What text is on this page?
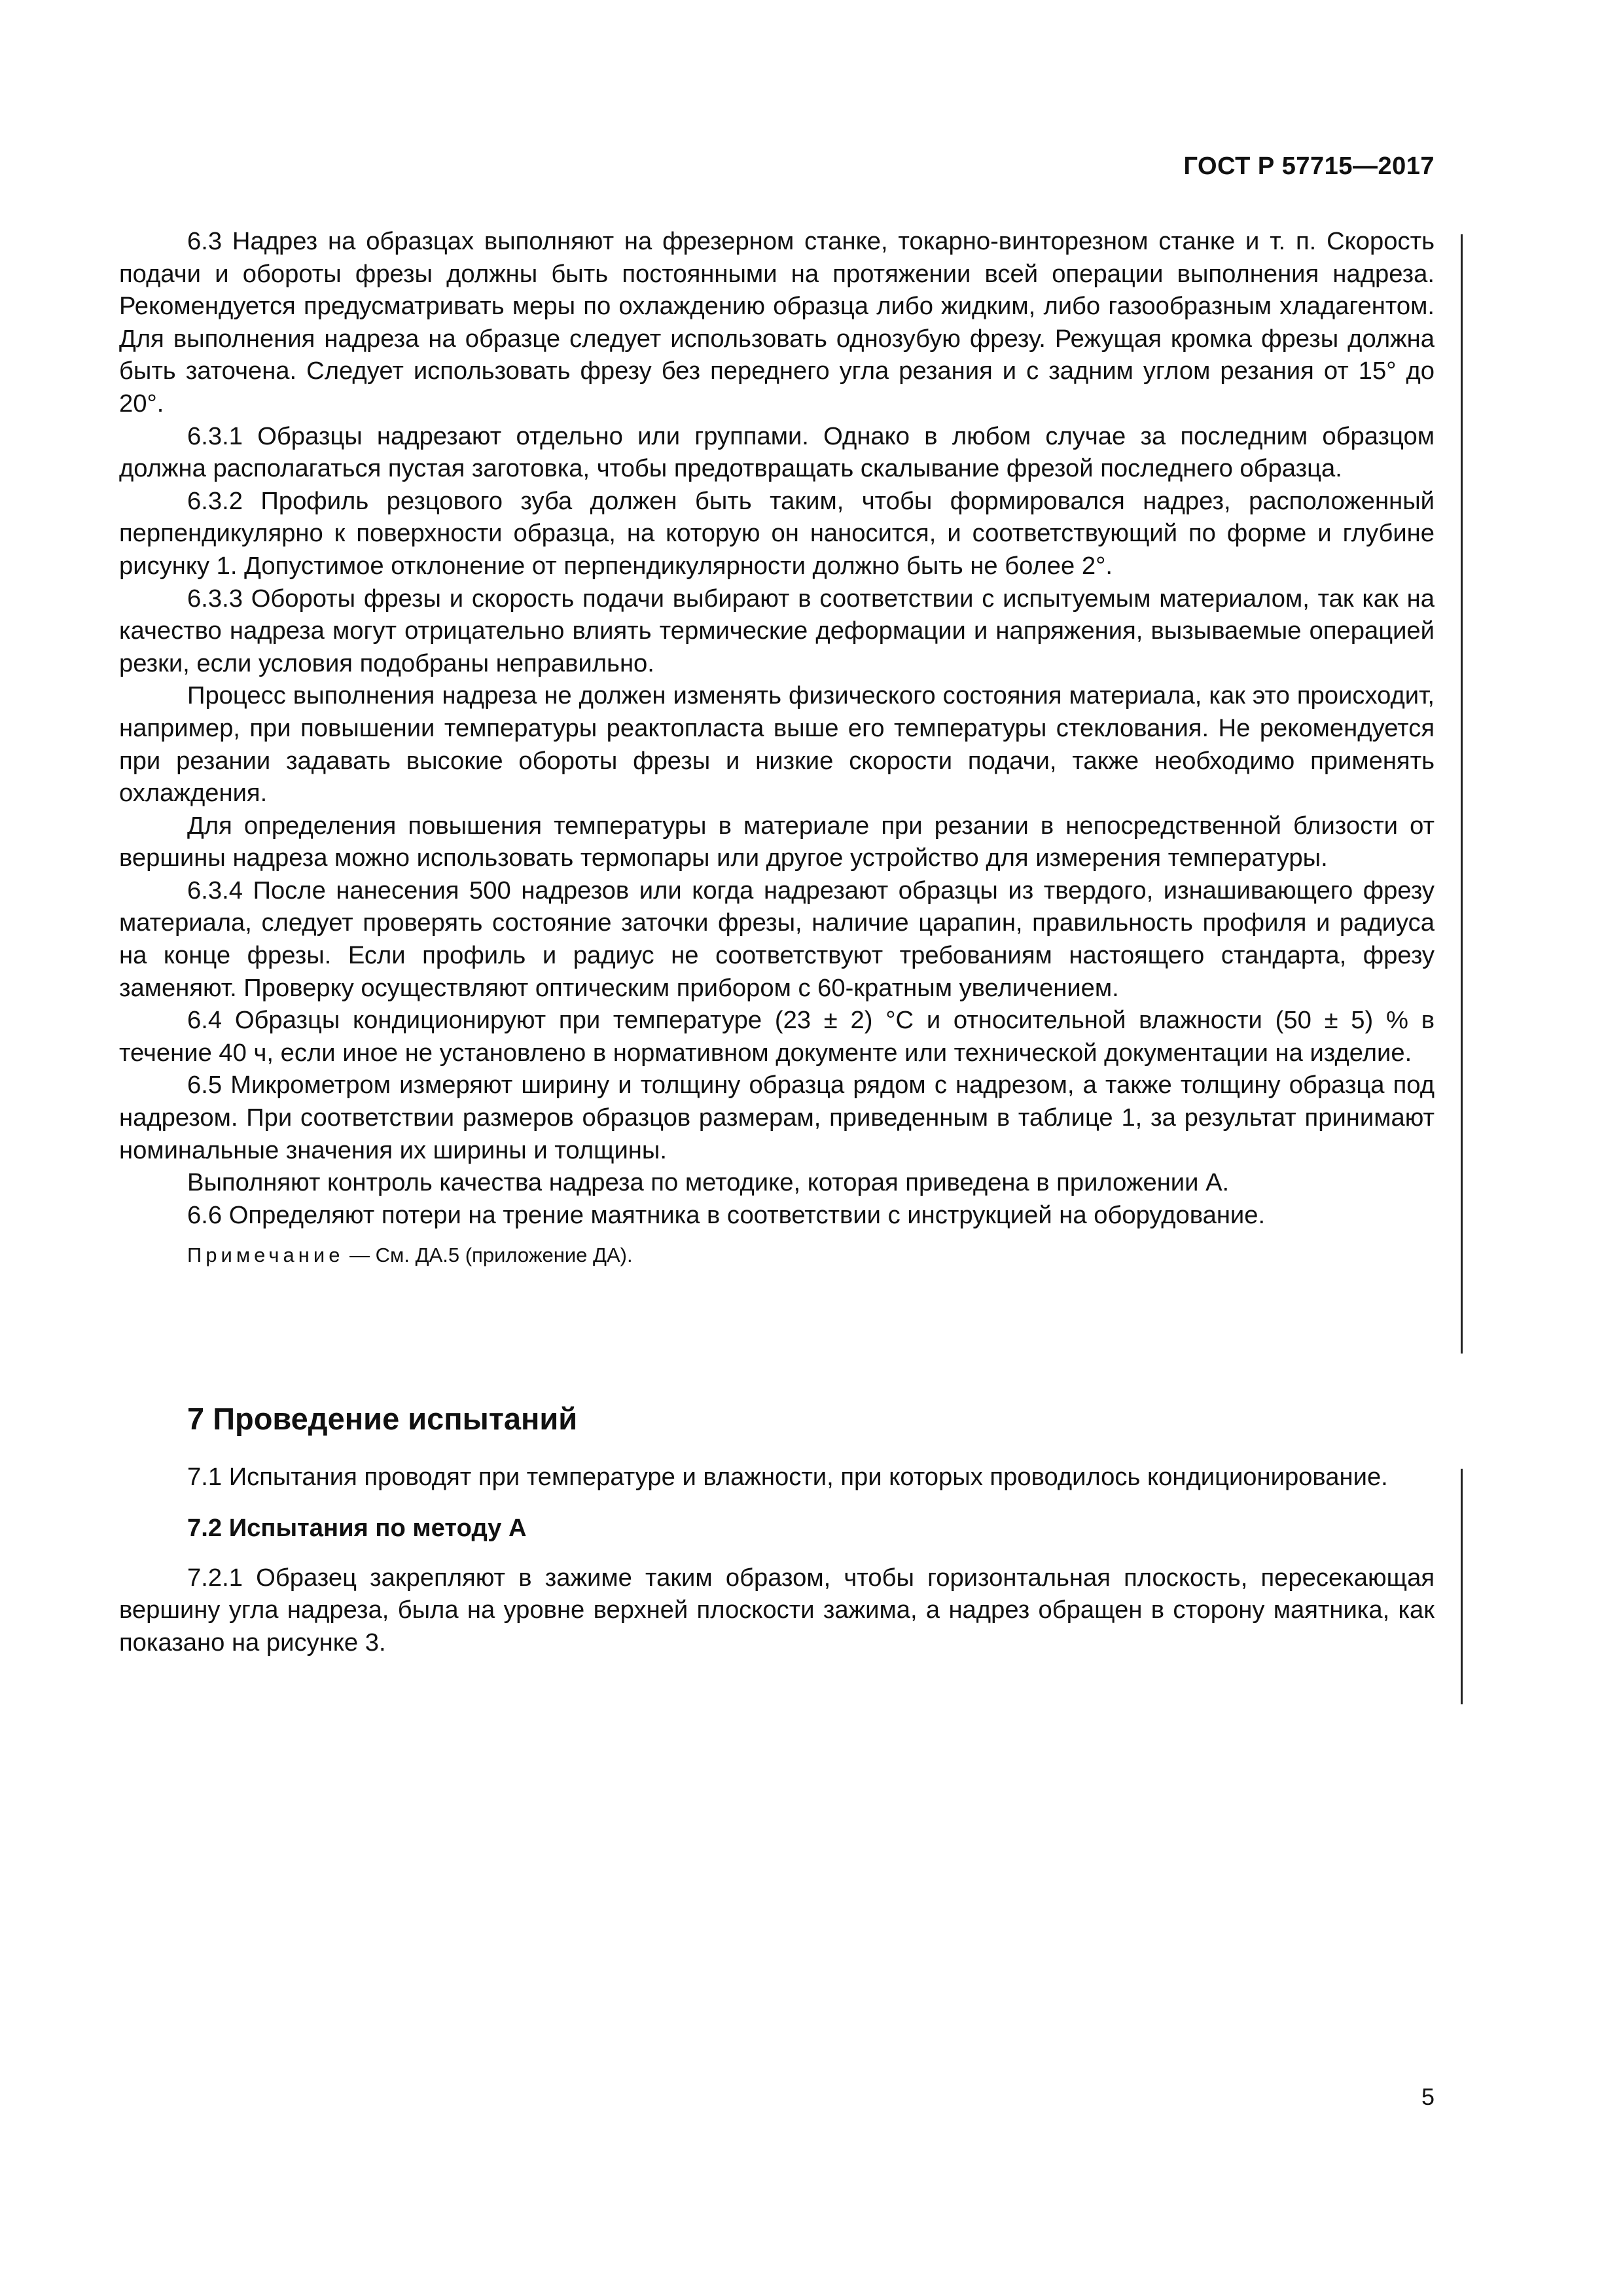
ГОСТ Р 57715—2017

6.3 Надрез на образцах выполняют на фрезерном станке, токарно-винторезном станке и т. п. Скорость подачи и обороты фрезы должны быть постоянными на протяжении всей операции выполнения надреза. Рекомендуется предусматривать меры по охлаждению образца либо жидким, либо газообразным хладагентом. Для выполнения надреза на образце следует использовать однозубую фрезу. Режущая кромка фрезы должна быть заточена. Следует использовать фрезу без переднего угла резания и с задним углом резания от 15° до 20°.

6.3.1 Образцы надрезают отдельно или группами. Однако в любом случае за последним образцом должна располагаться пустая заготовка, чтобы предотвращать скалывание фрезой последнего образца.

6.3.2 Профиль резцового зуба должен быть таким, чтобы формировался надрез, расположенный перпендикулярно к поверхности образца, на которую он наносится, и соответствующий по форме и глубине рисунку 1. Допустимое отклонение от перпендикулярности должно быть не более 2°.

6.3.3 Обороты фрезы и скорость подачи выбирают в соответствии с испытуемым материалом, так как на качество надреза могут отрицательно влиять термические деформации и напряжения, вызываемые операцией резки, если условия подобраны неправильно.

Процесс выполнения надреза не должен изменять физического состояния материала, как это происходит, например, при повышении температуры реактопласта выше его температуры стеклования. Не рекомендуется при резании задавать высокие обороты фрезы и низкие скорости подачи, также необходимо применять охлаждения.

Для определения повышения температуры в материале при резании в непосредственной близости от вершины надреза можно использовать термопары или другое устройство для измерения температуры.

6.3.4 После нанесения 500 надрезов или когда надрезают образцы из твердого, изнашивающего фрезу материала, следует проверять состояние заточки фрезы, наличие царапин, правильность профиля и радиуса на конце фрезы. Если профиль и радиус не соответствуют требованиям настоящего стандарта, фрезу заменяют. Проверку осуществляют оптическим прибором с 60-кратным увеличением.

6.4 Образцы кондиционируют при температуре (23 ± 2) °С и относительной влажности (50 ± 5) % в течение 40 ч, если иное не установлено в нормативном документе или технической документации на изделие.

6.5 Микрометром измеряют ширину и толщину образца рядом с надрезом, а также толщину образца под надрезом. При соответствии размеров образцов размерам, приведенным в таблице 1, за результат принимают номинальные значения их ширины и толщины.

Выполняют контроль качества надреза по методике, которая приведена в приложении А.

6.6 Определяют потери на трение маятника в соответствии с инструкцией на оборудование.

Примечание — См. ДА.5 (приложение ДА).

7 Проведение испытаний

7.1 Испытания проводят при температуре и влажности, при которых проводилось кондиционирование.

7.2 Испытания по методу А

7.2.1 Образец закрепляют в зажиме таким образом, чтобы горизонтальная плоскость, пересекающая вершину угла надреза, была на уровне верхней плоскости зажима, а надрез обращен в сторону маятника, как показано на рисунке 3.

5
